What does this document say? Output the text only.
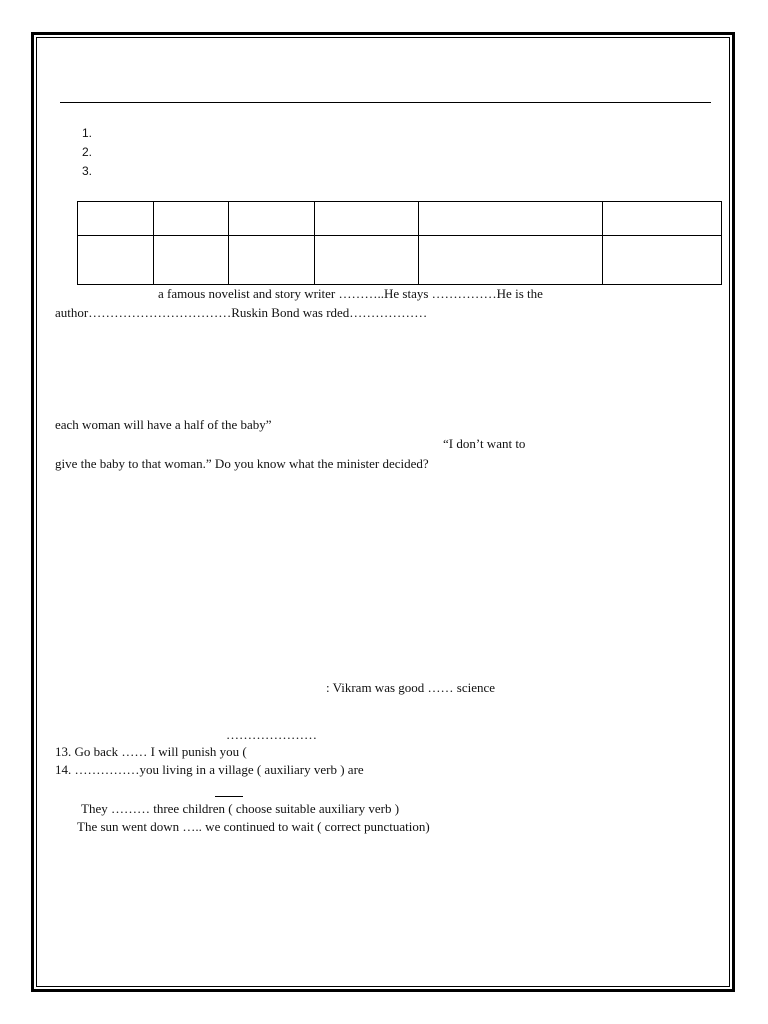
1.
2.
3.

a famous novelist and story writer ………..He stays ……………He is the
author……………………………Ruskin Bond was rded………………
each woman will have a half of the baby”
“I don’t want to
give the baby to that woman.” Do you know what the minister decided?
: Vikram was good …… science
…………………
13. Go back …… I will punish you (
14. ……………you living in a village ( auxiliary verb ) are
They ……… three children ( choose suitable auxiliary verb )
The sun went down ….. we continued to wait ( correct punctuation)
